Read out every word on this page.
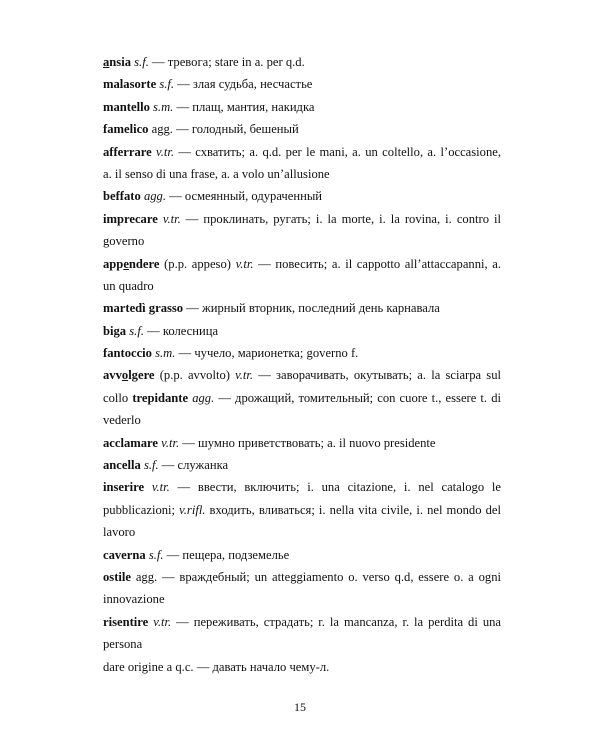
ansia s.f. — тревога; stare in a. per q.d.
malasorte s.f. — злая судьба, несчастье
mantello s.m. — плащ, мантия, накидка
famelico agg. — голодный, бешеный
afferrare v.tr. — схватить; a. q.d. per le mani, a. un coltello, a. l’occasione,
a. il senso di una frase, a. a volo un’allusione
beffato agg. — осмеянный, одураченный
imprecare v.tr. — проклинать, ругать; i. la morte, i. la rovina, i. contro il
governo
appendere (p.p. appeso) v.tr. — повесить; a. il cappotto all’attaccapanni, a.
un quadro
martedì grasso — жирный вторник, последний день карнавала
biga s.f. — колесница
fantoccio s.m. — чучело, марионетка; governo f.
avvolgere (p.p. avvolto) v.tr. — заворачивать, окутывать; a. la sciarpa sul
collo trepidante agg. — дрожащий, томительный; con cuore t., essere t. di
vederlo
acclamare v.tr. — шумно приветствовать; a. il nuovo presidente
ancella s.f. — служанка
inserire v.tr. — ввести, включить; i. una citazione, i. nel catalogo le
pubblicazioni; v.rifl. входить, вливаться; i. nella vita civile, i. nel mondo del
lavoro
caverna s.f. — пещера, подземелье
ostile agg. — враждебный; un atteggiamento o. verso q.d, essere o. a ogni
innovazione
risentire v.tr. — переживать, страдать; r. la mancanza, r. la perdita di una
persona
dare origine a q.c. — давать начало чему-л.
15
